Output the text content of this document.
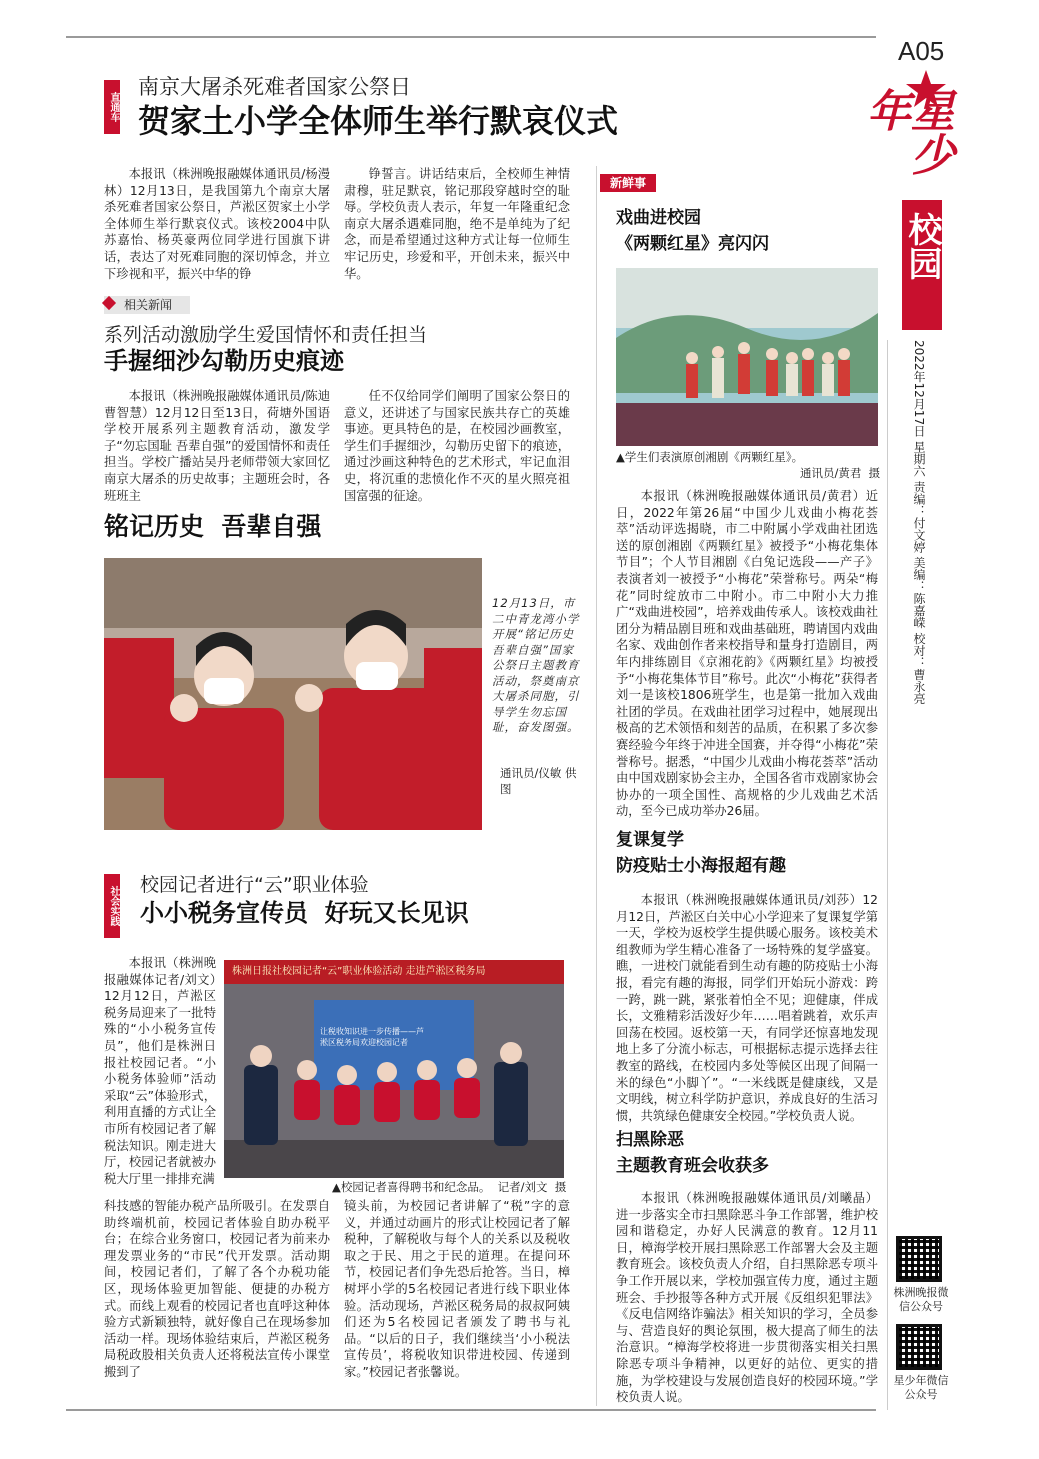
A05
星少年
校园
2022年12月17日 星期六 责编：付文婷 美编：陈嘉嵘 校对：曹永亮
直通车
南京大屠杀死难者国家公祭日
贺家土小学全体师生举行默哀仪式

本报讯（株洲晚报融媒体通讯员/杨漫林）12月13日，是我国第九个南京大屠杀死难者国家公祭日，芦淞区贺家土小学全体师生举行默哀仪式。该校2004中队苏嘉怡、杨英豪两位同学进行国旗下讲话，表达了对死难同胞的深切悼念，并立下珍视和平，振兴中华的铮

铮誓言。讲话结束后，全校师生神情肃穆，驻足默哀，铭记那段穿越时空的耻辱。学校负责人表示，年复一年隆重纪念南京大屠杀遇难同胞，绝不是单纯为了纪念，而是希望通过这种方式让每一位师生牢记历史，珍爱和平，开创未来，振兴中华。

相关新闻
系列活动激励学生爱国情怀和责任担当
手握细沙勾勒历史痕迹

本报讯（株洲晚报融媒体通讯员/陈迪 曹智慧）12月12日至13日，荷塘外国语学校开展系列主题教育活动，激发学子“勿忘国耻 吾辈自强”的爱国情怀和责任担当。学校广播站吴丹老师带领大家回忆南京大屠杀的历史故事；主题班会时，各班班主

任不仅给同学们阐明了国家公祭日的意义，还讲述了与国家民族共存亡的英雄事迹。更具特色的是，在校园沙画教室，学生们手握细沙，勾勒历史留下的痕迹，通过沙画这种特色的艺术形式，牢记血泪史，将沉重的悲愤化作不灭的星火照亮祖国富强的征途。

铭记历史  吾辈自强
12月13日，市二中青龙湾小学开展“铭记历史 吾辈自强”国家公祭日主题教育活动，祭奠南京大屠杀同胞，引导学生勿忘国耻，奋发图强。
通讯员/仪敏 供图
社会实践
校园记者进行“云”职业体验
小小税务宣传员  好玩又长见识

本报讯（株洲晚报融媒体记者/刘文）12月12日，芦淞区税务局迎来了一批特殊的“小小税务宣传员”，他们是株洲日报社校园记者。“小小税务体验师”活动采取“云”体验形式，利用直播的方式让全市所有校园记者了解税法知识。刚走进大厅，校园记者就被办税大厅里一排排充满

株洲日报社校园记者“云”职业体验活动 走进芦淞区税务局
让税收知识进一步传播——芦淞区税务局欢迎校园记者
▲校园记者喜得聘书和纪念品。  记者/刘文  摄

科技感的智能办税产品所吸引。在发票自助终端机前，校园记者体验自助办税平台；在综合业务窗口，校园记者为前来办理发票业务的“市民”代开发票。活动期间，校园记者们，了解了各个办税功能区，现场体验更加智能、便捷的办税方式。而线上观看的校园记者也直呼这种体验方式新颖独特，就好像自己在现场参加活动一样。现场体验结束后，芦淞区税务局税政股相关负责人还将税法宣传小课堂搬到了

镜头前，为校园记者讲解了“税”字的意义，并通过动画片的形式让校园记者了解税种，了解税收与每个人的关系以及税收取之于民、用之于民的道理。在提问环节，校园记者们争先恐后抢答。当日，樟树坪小学的5名校园记者进行线下职业体验。活动现场，芦淞区税务局的叔叔阿姨们还为5名校园记者颁发了聘书与礼品。“以后的日子，我们继续当‘小小税法宣传员’，将税收知识带进校园、传递到家。”校园记者张馨说。

新鲜事
戏曲进校园
《两颗红星》亮闪闪
▲学生们表演原创湘剧《两颗红星》。
通讯员/黄君  摄

本报讯（株洲晚报融媒体通讯员/黄君）近日，2022年第26届“中国少儿戏曲小梅花荟萃”活动评选揭晓，市二中附属小学戏曲社团选送的原创湘剧《两颗红星》被授予“小梅花集体节目”；个人节目湘剧《白兔记选段——产子》表演者刘一被授予“小梅花”荣誉称号。两朵“梅花”同时绽放市二中附小。市二中附小大力推广“戏曲进校园”，培养戏曲传承人。该校戏曲社团分为精品剧目班和戏曲基础班，聘请国内戏曲名家、戏曲创作者来校指导和量身打造剧目，两年内排练剧目《京湘花韵》《两颗红星》均被授予“小梅花集体节目”称号。此次“小梅花”获得者刘一是该校1806班学生，也是第一批加入戏曲社团的学员。在戏曲社团学习过程中，她展现出极高的艺术领悟和刻苦的品质，在积累了多次参赛经验今年终于冲进全国赛，并夺得“小梅花”荣誉称号。据悉，“中国少儿戏曲小梅花荟萃”活动由中国戏剧家协会主办，全国各省市戏剧家协会协办的一项全国性、高规格的少儿戏曲艺术活动，至今已成功举办26届。

复课复学
防疫贴士小海报超有趣

本报讯（株洲晚报融媒体通讯员/刘莎）12月12日，芦淞区白关中心小学迎来了复课复学第一天，学校为返校学生提供暖心服务。该校美术组教师为学生精心准备了一场特殊的复学盛宴。瞧，一进校门就能看到生动有趣的防疫贴士小海报，看完有趣的海报，同学们开始玩小游戏：跨一跨，跳一跳，紧张着怕全不见；迎健康，伴成长，文雅精彩活泼好少年……唱着跳着，欢乐声回荡在校园。返校第一天，有同学还惊喜地发现地上多了分流小标志，可根据标志提示选择去往教室的路线，在校园内多处等候区出现了间隔一米的绿色“小脚丫”。“一米线既是健康线，又是文明线，树立科学防护意识，养成良好的生活习惯，共筑绿色健康安全校园。”学校负责人说。

扫黑除恶
主题教育班会收获多

本报讯（株洲晚报融媒体通讯员/刘曦晶）进一步落实全市扫黑除恶斗争工作部署，维护校园和谐稳定，办好人民满意的教育。12月11日，樟海学校开展扫黑除恶工作部署大会及主题教育班会。该校负责人介绍，自扫黑除恶专项斗争工作开展以来，学校加强宣传力度，通过主题班会、手抄报等各种方式开展《反组织犯罪法》《反电信网络诈骗法》相关知识的学习，全员参与、营造良好的舆论氛围，极大提高了师生的法治意识。“樟海学校将进一步贯彻落实相关扫黑除恶专项斗争精神，以更好的站位、更实的措施，为学校建设与发展创造良好的校园环境。”学校负责人说。

株洲晚报微信公众号
星少年微信公众号
